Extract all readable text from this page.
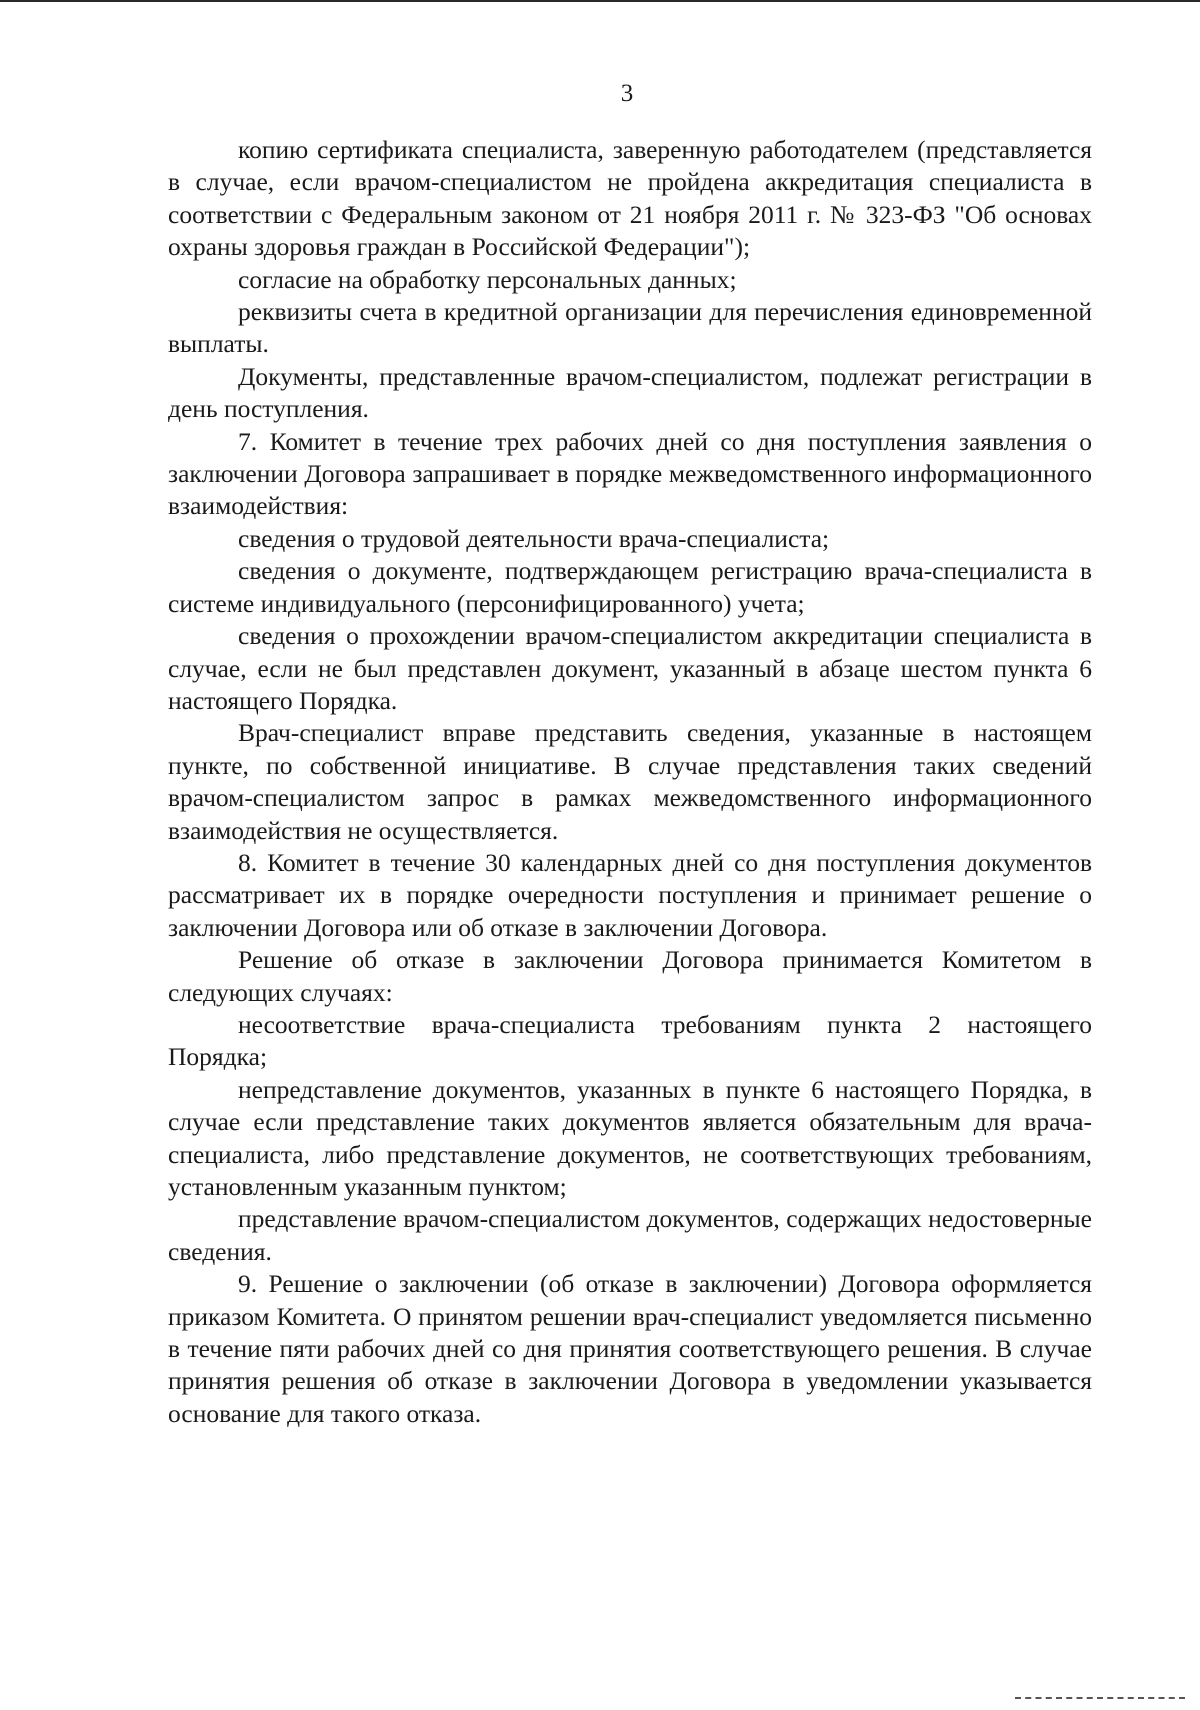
3

копию сертификата специалиста, заверенную работодателем (представляется в случае, если врачом-специалистом не пройдена аккредитация специалиста в соответствии с Федеральным законом от 21 ноября 2011 г. № 323-ФЗ "Об основах охраны здоровья граждан в Российской Федерации");

согласие на обработку персональных данных;

реквизиты счета в кредитной организации для перечисления единовременной выплаты.

Документы, представленные врачом-специалистом, подлежат регистрации в день поступления.

7. Комитет в течение трех рабочих дней со дня поступления заявления о заключении Договора запрашивает в порядке межведомственного информационного взаимодействия:

сведения о трудовой деятельности врача-специалиста;

сведения о документе, подтверждающем регистрацию врача-специалиста в системе индивидуального (персонифицированного) учета;

сведения о прохождении врачом-специалистом аккредитации специалиста в случае, если не был представлен документ, указанный в абзаце шестом пункта 6 настоящего Порядка.

Врач-специалист вправе представить сведения, указанные в настоящем пункте, по собственной инициативе. В случае представления таких сведений врачом-специалистом запрос в рамках межведомственного информационного взаимодействия не осуществляется.

8. Комитет в течение 30 календарных дней со дня поступления документов рассматривает их в порядке очередности поступления и принимает решение о заключении Договора или об отказе в заключении Договора.

Решение об отказе в заключении Договора принимается Комитетом в следующих случаях:

несоответствие врача-специалиста требованиям пункта 2 настоящего Порядка;

непредставление документов, указанных в пункте 6 настоящего Порядка, в случае если представление таких документов является обязательным для врача-специалиста, либо представление документов, не соответствующих требованиям, установленным указанным пунктом;

представление врачом-специалистом документов, содержащих недостоверные сведения.

9. Решение о заключении (об отказе в заключении) Договора оформляется приказом Комитета. О принятом решении врач-специалист уведомляется письменно в течение пяти рабочих дней со дня принятия соответствующего решения. В случае принятия решения об отказе в заключении Договора в уведомлении указывается основание для такого отказа.
